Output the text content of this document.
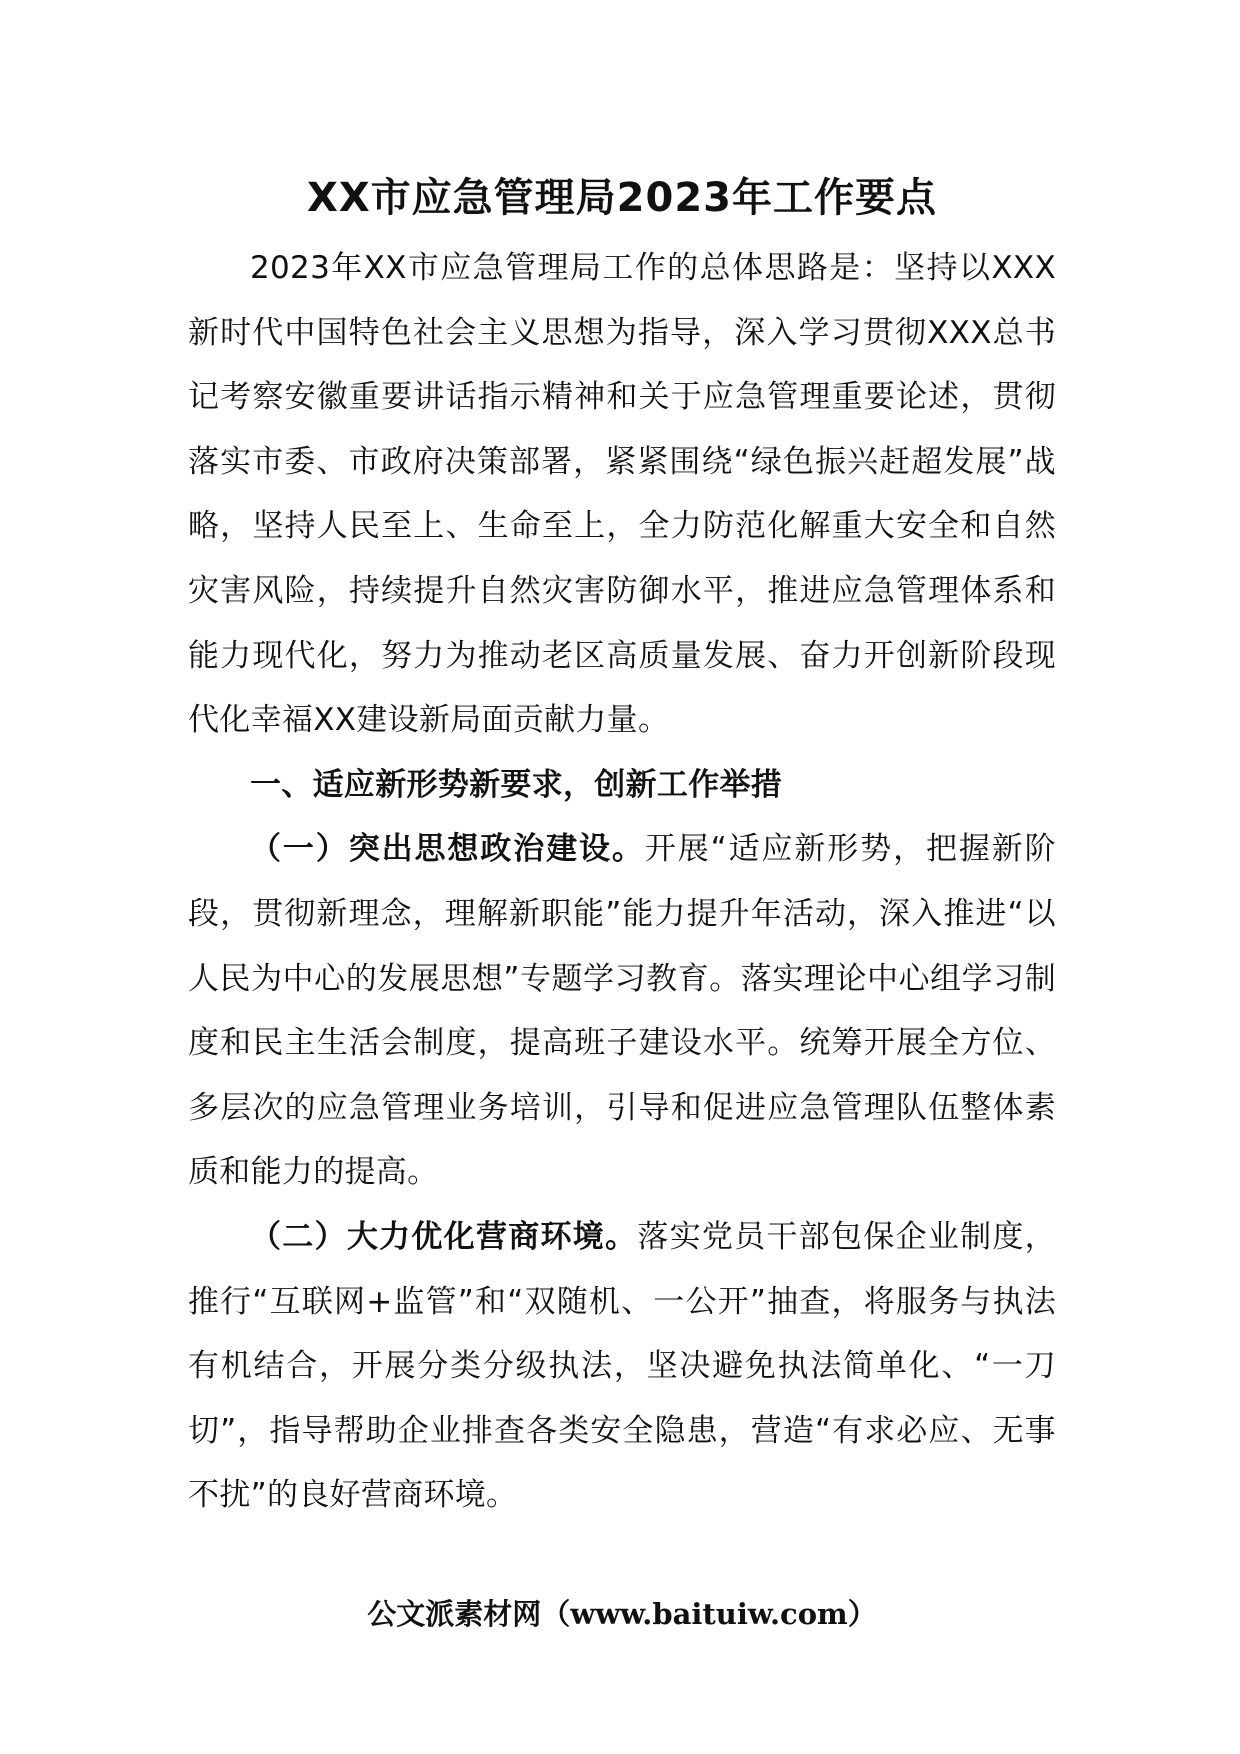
XX市应急管理局2023年工作要点

2023年XX市应急管理局工作的总体思路是：坚持以XXX新时代中国特色社会主义思想为指导，深入学习贯彻XXX总书记考察安徽重要讲话指示精神和关于应急管理重要论述，贯彻落实市委、市政府决策部署，紧紧围绕“绿色振兴赶超发展”战略，坚持人民至上、生命至上，全力防范化解重大安全和自然灾害风险，持续提升自然灾害防御水平，推进应急管理体系和能力现代化，努力为推动老区高质量发展、奋力开创新阶段现代化幸福XX建设新局面贡献力量。

一、适应新形势新要求，创新工作举措

（一）突出思想政治建设。开展“适应新形势，把握新阶段，贯彻新理念，理解新职能”能力提升年活动，深入推进“以人民为中心的发展思想”专题学习教育。落实理论中心组学习制度和民主生活会制度，提高班子建设水平。统筹开展全方位、多层次的应急管理业务培训，引导和促进应急管理队伍整体素质和能力的提高。

（二）大力优化营商环境。落实党员干部包保企业制度，推行“互联网+监管”和“双随机、一公开”抽查，将服务与执法有机结合，开展分类分级执法，坚决避免执法简单化、“一刀切”，指导帮助企业排查各类安全隐患，营造“有求必应、无事不扰”的良好营商环境。

公文派素材网（www.baituiw.com）
